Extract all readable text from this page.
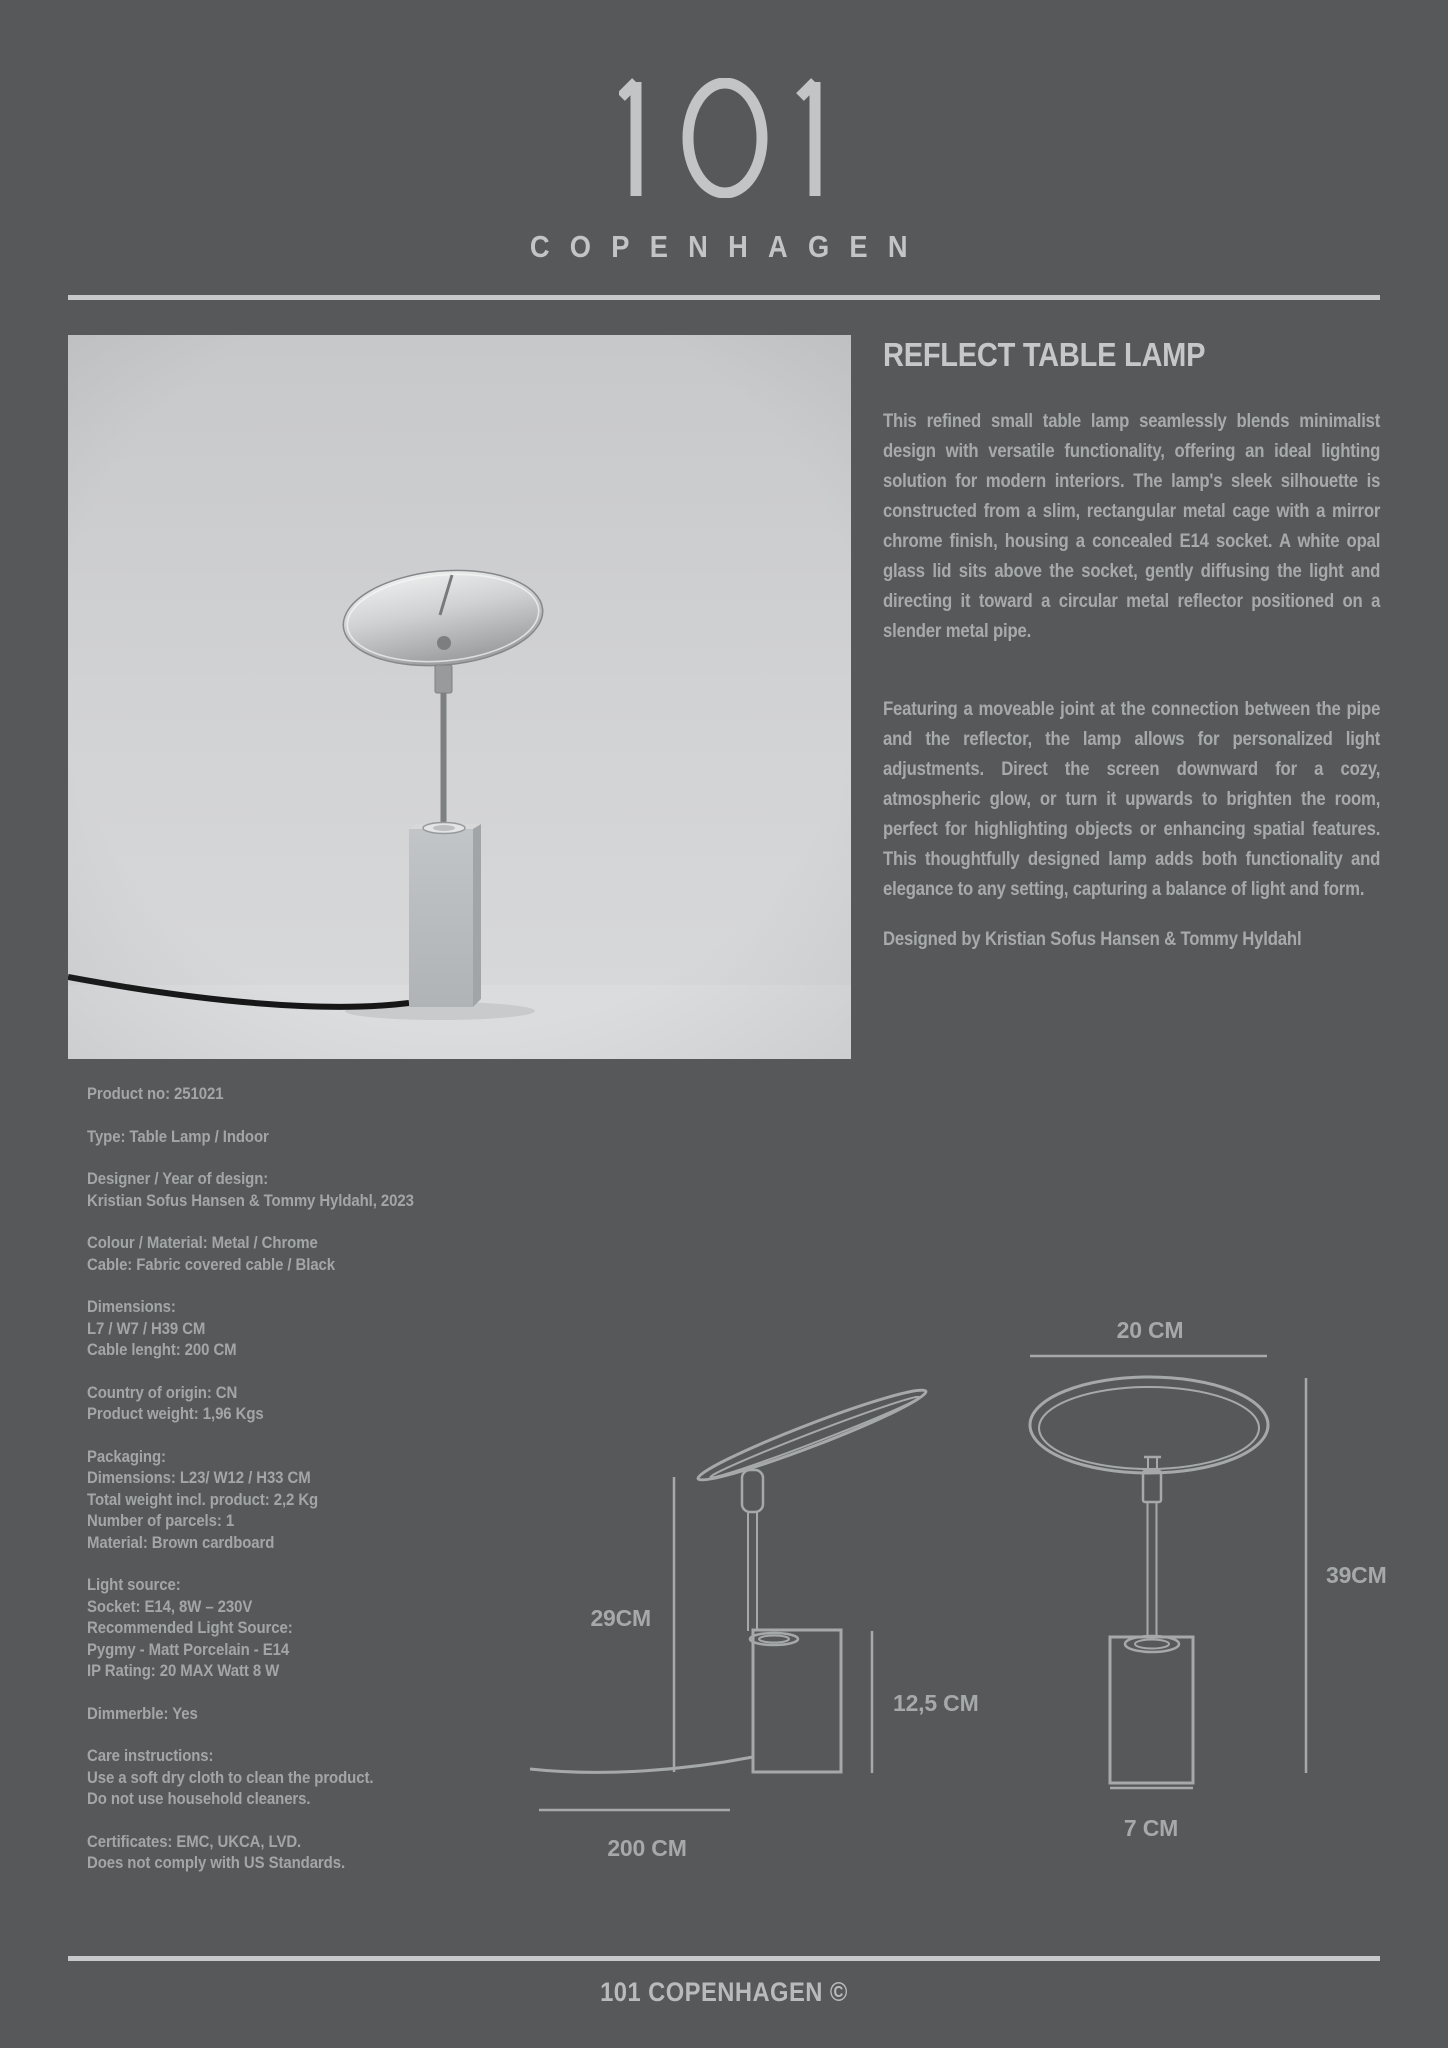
COPENHAGEN
REFLECT TABLE LAMP

This refined small table lamp seamlessly blends minimalist design with versatile functionality, offering an ideal lighting solution for modern interiors. The lamp's sleek silhouette is constructed from a slim, rectangular metal cage with a mirror chrome finish, housing a concealed E14 socket. A white opal glass lid sits above the socket, gently diffusing the light and directing it toward a circular metal reflector positioned on a slender metal pipe.

Featuring a moveable joint at the connection between the pipe and the reflector, the lamp allows for personalized light adjustments. Direct the screen downward for a cozy, atmospheric glow, or turn it upwards to brighten the room, perfect for highlighting objects or enhancing spatial features. This thoughtfully designed lamp adds both functionality and elegance to any setting, capturing a balance of light and form.

Designed by Kristian Sofus Hansen & Tommy Hyldahl

Product no: 251021
Type: Table Lamp / Indoor
Designer / Year of design:
Kristian Sofus Hansen & Tommy Hyldahl, 2023
Colour / Material: Metal / Chrome
Cable: Fabric covered cable / Black
Dimensions:
L7 / W7 / H39 CM
Cable lenght: 200 CM
Country of origin: CN
Product weight: 1,96 Kgs
Packaging:
Dimensions: L23/ W12 / H33 CM
Total weight incl. product: 2,2 Kg
Number of parcels: 1
Material: Brown cardboard
Light source:
Socket: E14, 8W – 230V
Recommended Light Source:
Pygmy - Matt Porcelain - E14
IP Rating: 20 MAX Watt 8 W
Dimmerble: Yes
Care instructions:
Use a soft dry cloth to clean the product.
Do not use household cleaners.
Certificates: EMC, UKCA, LVD.
Does not comply with US Standards.
29CM
12,5 CM
200 CM
20 CM
39CM
7 CM
101 COPENHAGEN ©
